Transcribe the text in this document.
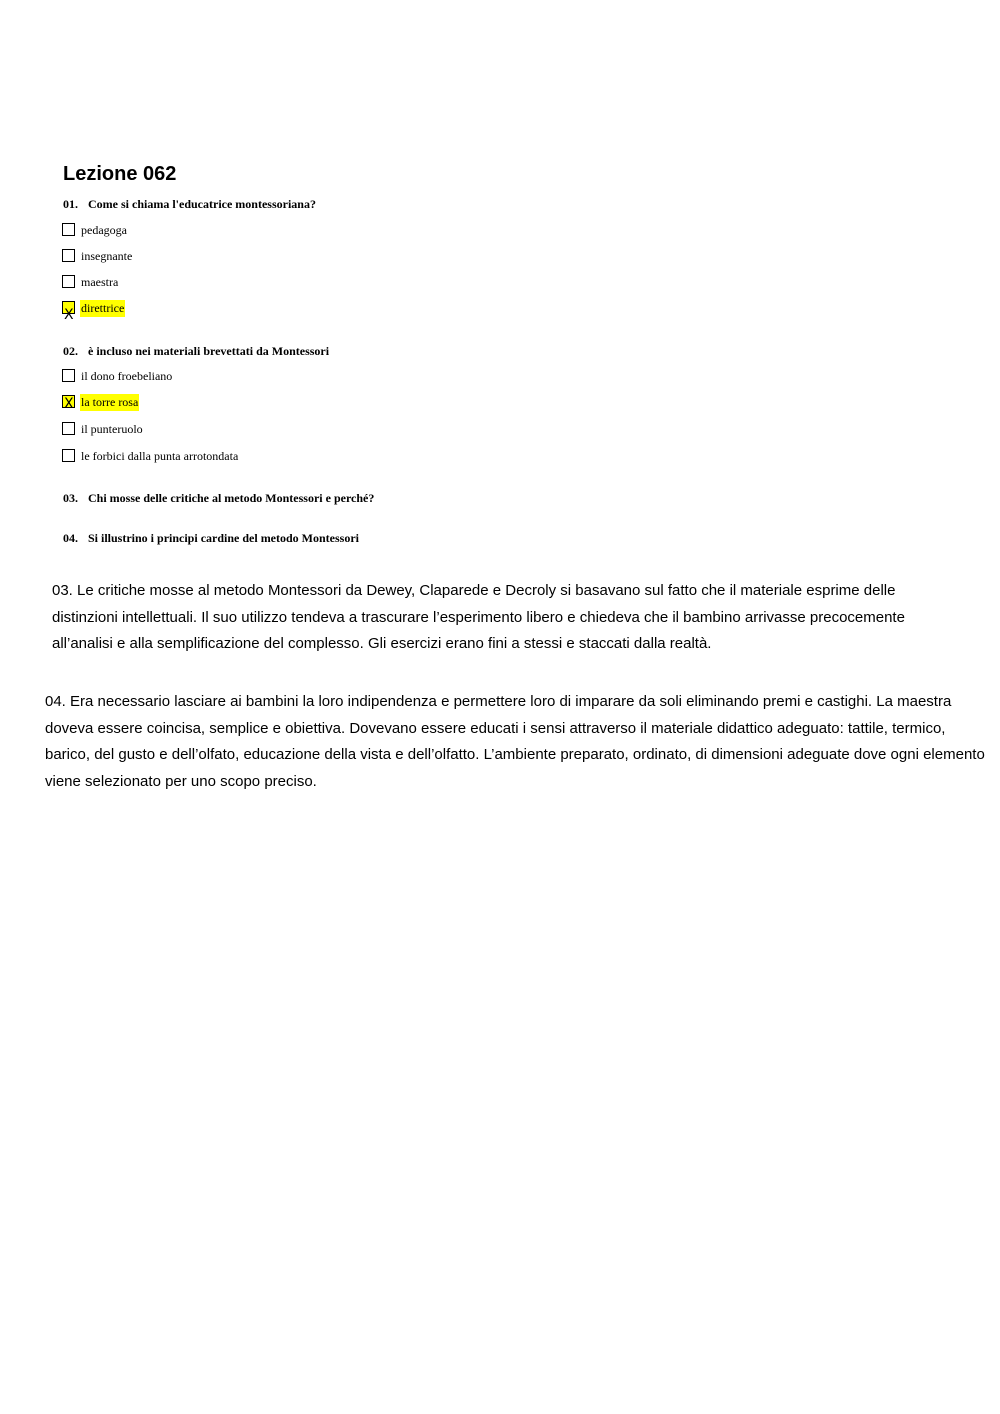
Lezione 062
01. Come si chiama l'educatrice montessoriana?
pedagoga
insegnante
maestra
X direttrice
02. è incluso nei materiali brevettati da Montessori
il dono froebeliano
X la torre rosa
il punteruolo
le forbici dalla punta arrotondata
03. Chi mosse delle critiche al metodo Montessori e perché?
04. Si illustrino i principi cardine del metodo Montessori

03. Le critiche mosse al metodo Montessori da Dewey, Claparede e Decroly si basavano sul fatto che il materiale esprime delle distinzioni intellettuali. Il suo utilizzo tendeva a trascurare l’esperimento libero e chiedeva che il bambino arrivasse precocemente all’analisi e alla semplificazione del complesso. Gli esercizi erano fini a stessi e staccati dalla realtà.

04. Era necessario lasciare ai bambini la loro indipendenza e permettere loro di imparare da soli eliminando premi e castighi. La maestra doveva essere coincisa, semplice e obiettiva. Dovevano essere educati i sensi attraverso il materiale didattico adeguato: tattile, termico, barico, del gusto e dell’olfato, educazione della vista e dell’olfatto. L’ambiente preparato, ordinato, di dimensioni adeguate dove ogni elemento viene selezionato per uno scopo preciso.
